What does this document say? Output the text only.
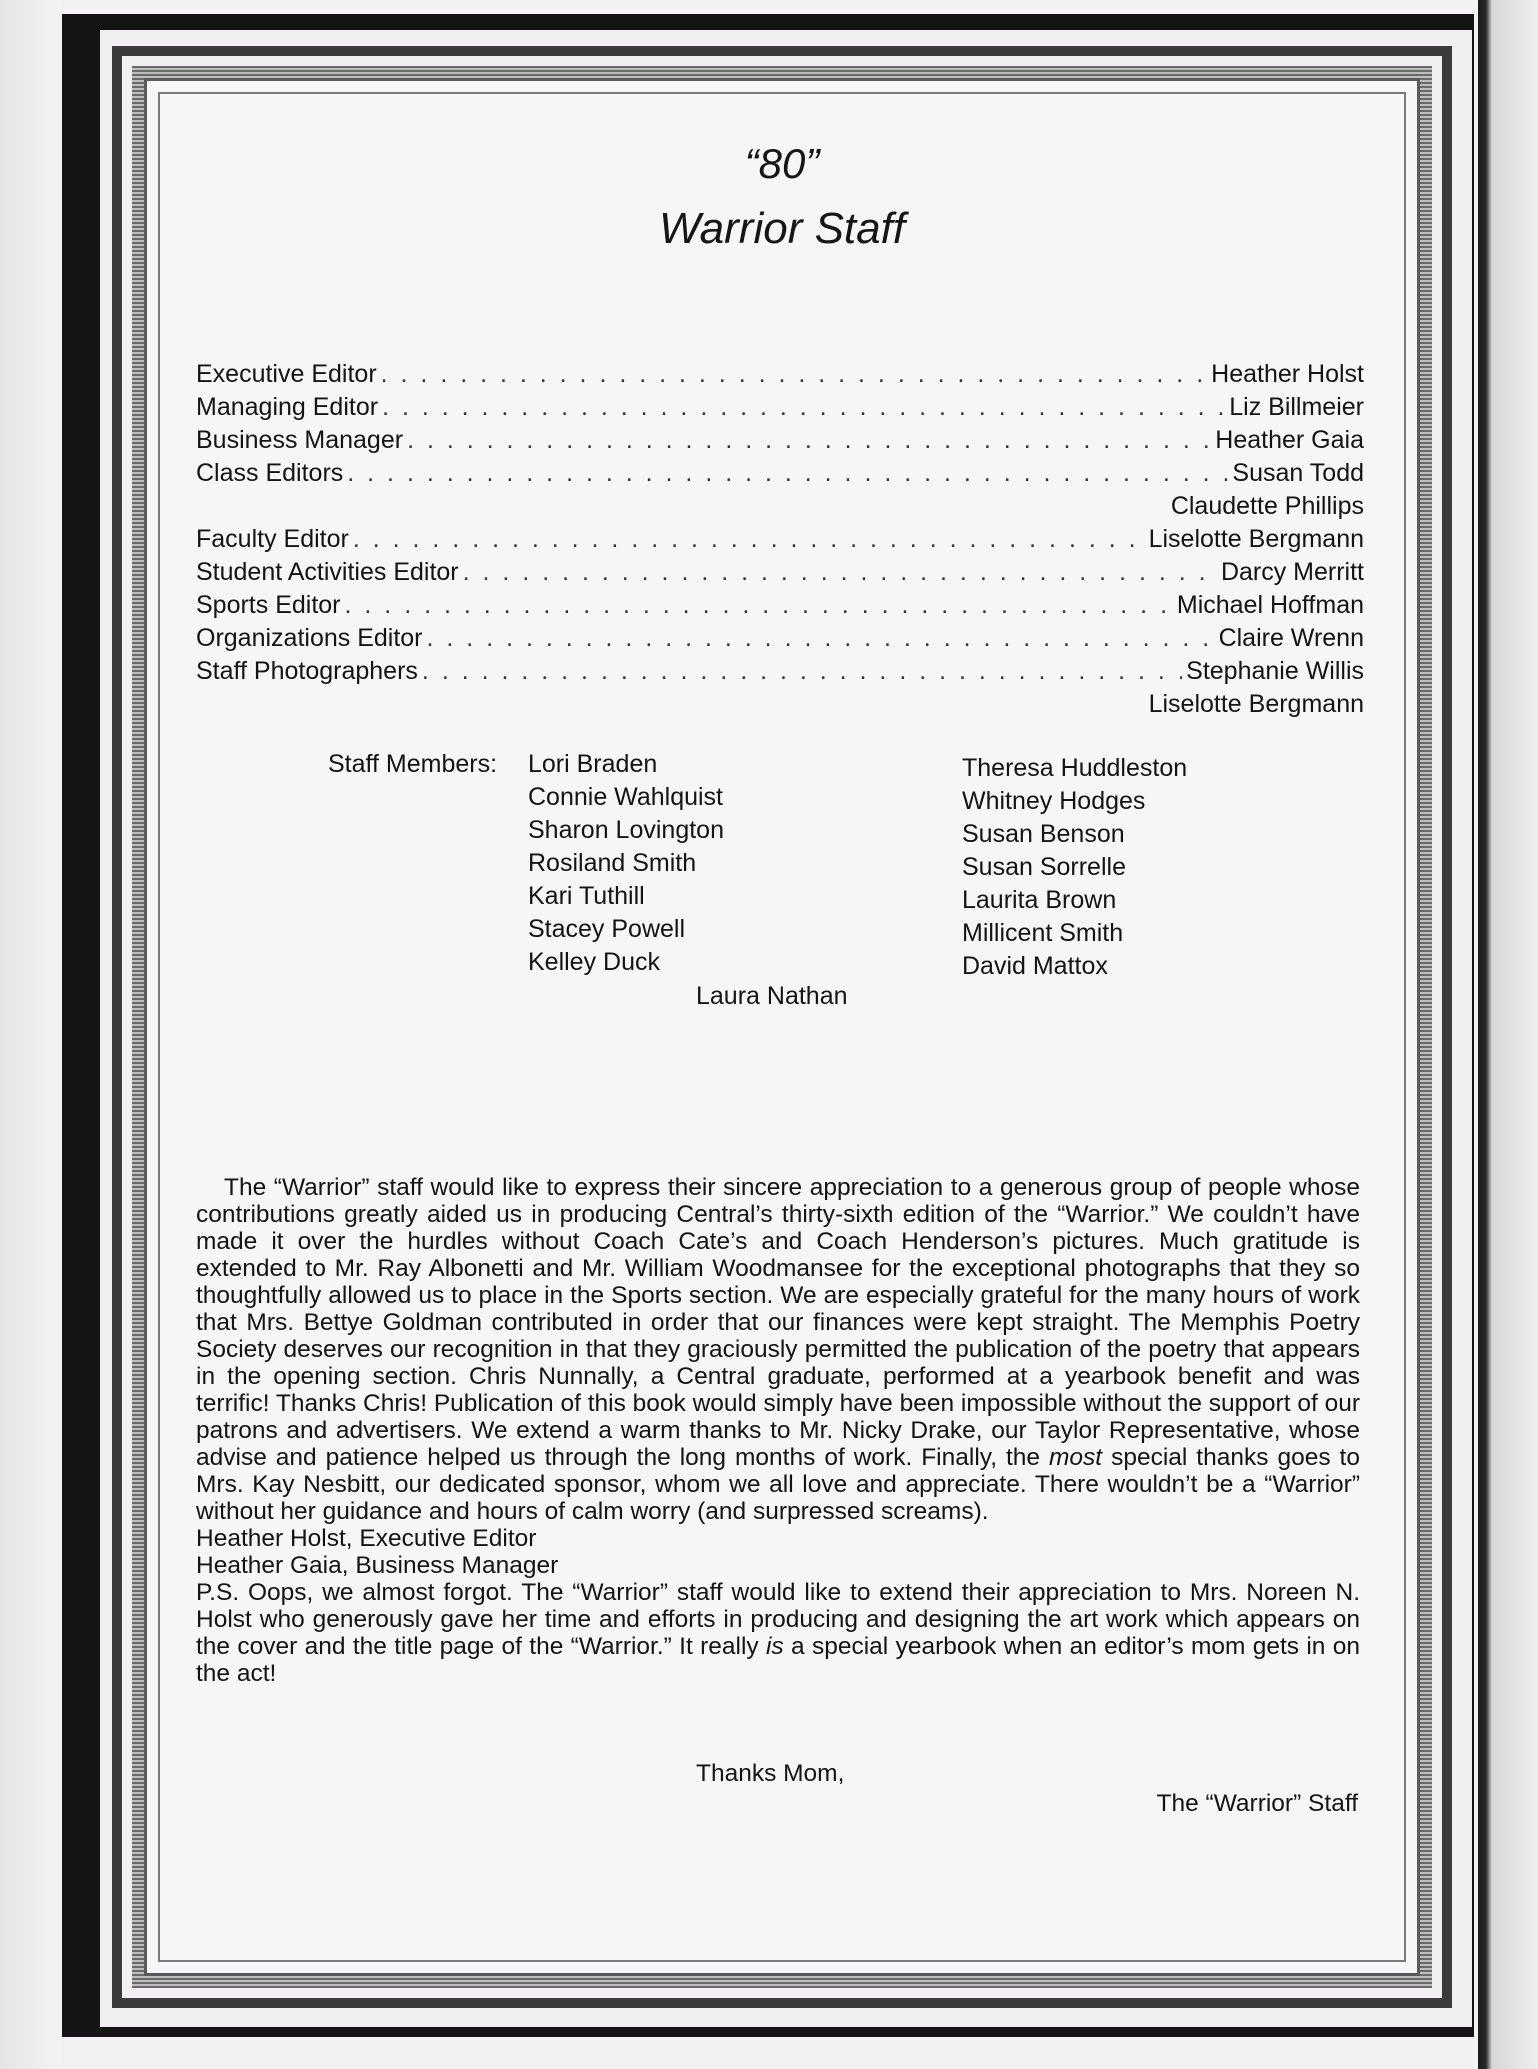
“80”
Warrior Staff
Executive Editor . . .	Heather Holst
Managing Editor . . .	Liz Billmeier
Business Manager . . .	Heather Gaia
Class Editors . . .	Susan Todd
Claudette Phillips
Faculty Editor . . .	Liselotte Bergmann
Student Activities Editor . . .	Darcy Merritt
Sports Editor . . .	Michael Hoffman
Organizations Editor . . .	Claire Wrenn
Staff Photographers . . .	Stephanie Willis
Liselotte Bergmann
Staff Members: Lori Braden
Connie Wahlquist
Sharon Lovington
Rosiland Smith
Kari Tuthill
Stacey Powell
Kelley Duck
Theresa Huddleston
Whitney Hodges
Susan Benson
Susan Sorrelle
Laurita Brown
Millicent Smith
David Mattox
Laura Nathan

The “Warrior” staff would like to express their sincere appreciation to a generous group of people whose contributions greatly aided us in producing Central’s thirty-sixth edition of the “Warrior.” We couldn’t have made it over the hurdles without Coach Cate’s and Coach Henderson’s pictures. Much gratitude is extended to Mr. Ray Albonetti and Mr. William Woodmansee for the exceptional photographs that they so thoughtfully allowed us to place in the Sports section. We are especially grateful for the many hours of work that Mrs. Bettye Goldman contributed in order that our finances were kept straight. The Memphis Poetry Society deserves our recognition in that they graciously permitted the publication of the poetry that appears in the opening section. Chris Nunnally, a Central graduate, performed at a yearbook benefit and was terrific! Thanks Chris! Publication of this book would simply have been impossible without the support of our patrons and advertisers. We extend a warm thanks to Mr. Nicky Drake, our Taylor Representative, whose advise and patience helped us through the long months of work. Finally, the most special thanks goes to Mrs. Kay Nesbitt, our dedicated sponsor, whom we all love and appreciate. There wouldn’t be a “Warrior” without her guidance and hours of calm worry (and surpressed screams).

Heather Holst, Executive Editor

Heather Gaia, Business Manager

P.S. Oops, we almost forgot. The “Warrior” staff would like to extend their appreciation to Mrs. Noreen N. Holst who generously gave her time and efforts in producing and designing the art work which appears on the cover and the title page of the “Warrior.” It really is a special yearbook when an editor’s mom gets in on the act!

Thanks Mom,
The “Warrior” Staff
